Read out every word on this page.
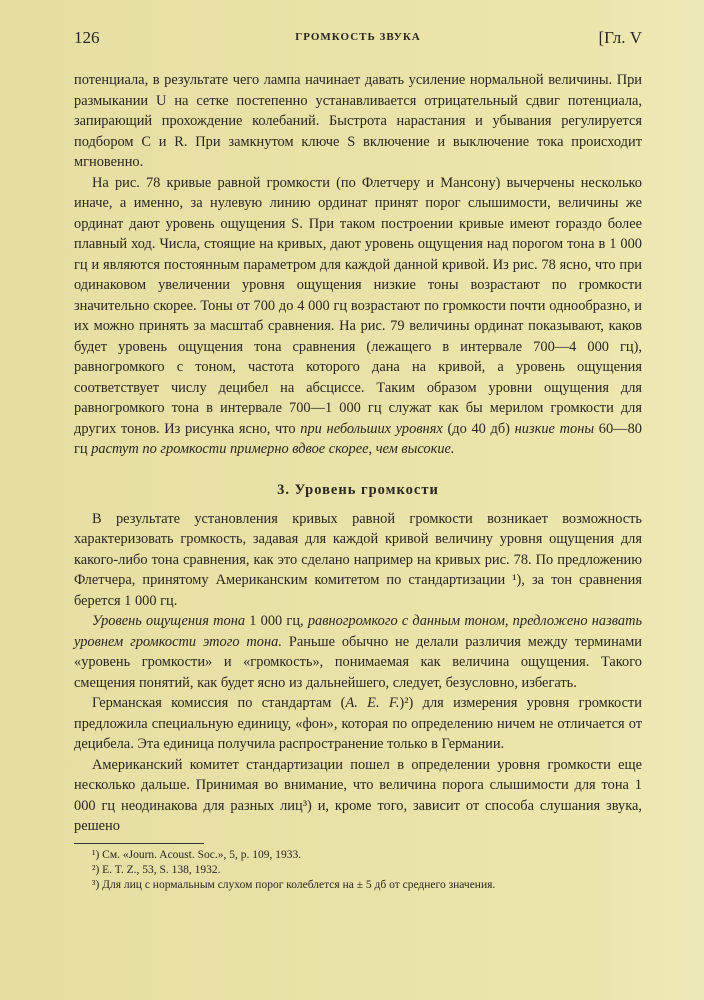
126	ГРОМКОСТЬ ЗВУКА	[Гл. V

потенциала, в результате чего лампа начинает давать усиление нормальной величины. При размыкании U на сетке постепенно устанавливается отрицательный сдвиг потенциала, запирающий прохождение колебаний. Быстрота нарастания и убывания регулируется подбором C и R. При замкнутом ключе S включение и выключение тока происходит мгновенно.

На рис. 78 кривые равной громкости (по Флетчеру и Мансону) вычерчены несколько иначе, а именно, за нулевую линию ординат принят порог слышимости, величины же ординат дают уровень ощущения S. При таком построении кривые имеют гораздо более плавный ход. Числа, стоящие на кривых, дают уровень ощущения над порогом тона в 1 000 гц и являются постоянным параметром для каждой данной кривой. Из рис. 78 ясно, что при одинаковом увеличении уровня ощущения низкие тоны возрастают по громкости значительно скорее. Тоны от 700 до 4 000 гц возрастают по громкости почти однообразно, и их можно принять за масштаб сравнения. На рис. 79 величины ординат показывают, каков будет уровень ощущения тона сравнения (лежащего в интервале 700—4 000 гц), равногромкого с тоном, частота которого дана на кривой, а уровень ощущения соответствует числу децибел на абсциссе. Таким образом уровни ощущения для равногромкого тона в интервале 700—1 000 гц служат как бы мерилом громкости для других тонов. Из рисунка ясно, что при небольших уровнях (до 40 дб) низкие тоны 60—80 гц растут по громкости примерно вдвое скорее, чем высокие.

3. Уровень громкости

В результате установления кривых равной громкости возникает возможность характеризовать громкость, задавая для каждой кривой величину уровня ощущения для какого-либо тона сравнения, как это сделано например на кривых рис. 78. По предложению Флетчера, принятому Американским комитетом по стандартизации ¹), за тон сравнения берется 1 000 гц.

Уровень ощущения тона 1 000 гц, равногромкого с данным тоном, предложено назвать уровнем громкости этого тона. Раньше обычно не делали различия между терминами «уровень громкости» и «громкость», понимаемая как величина ощущения. Такого смещения понятий, как будет ясно из дальнейшего, следует, безусловно, избегать.

Германская комиссия по стандартам (A. E. F.)²) для измерения уровня громкости предложила специальную единицу, «фон», которая по определению ничем не отличается от децибела. Эта единица получила распространение только в Германии.

Американский комитет стандартизации пошел в определении уровня громкости еще несколько дальше. Принимая во внимание, что величина порога слышимости для тона 1 000 гц неодинакова для разных лиц³) и, кроме того, зависит от способа слушания звука, решено

¹) См. «Journ. Acoust. Soc.», 5, p. 109, 1933.
²) E. T. Z., 53, S. 138, 1932.
³) Для лиц с нормальным слухом порог колеблется на ± 5 дб от среднего значения.
